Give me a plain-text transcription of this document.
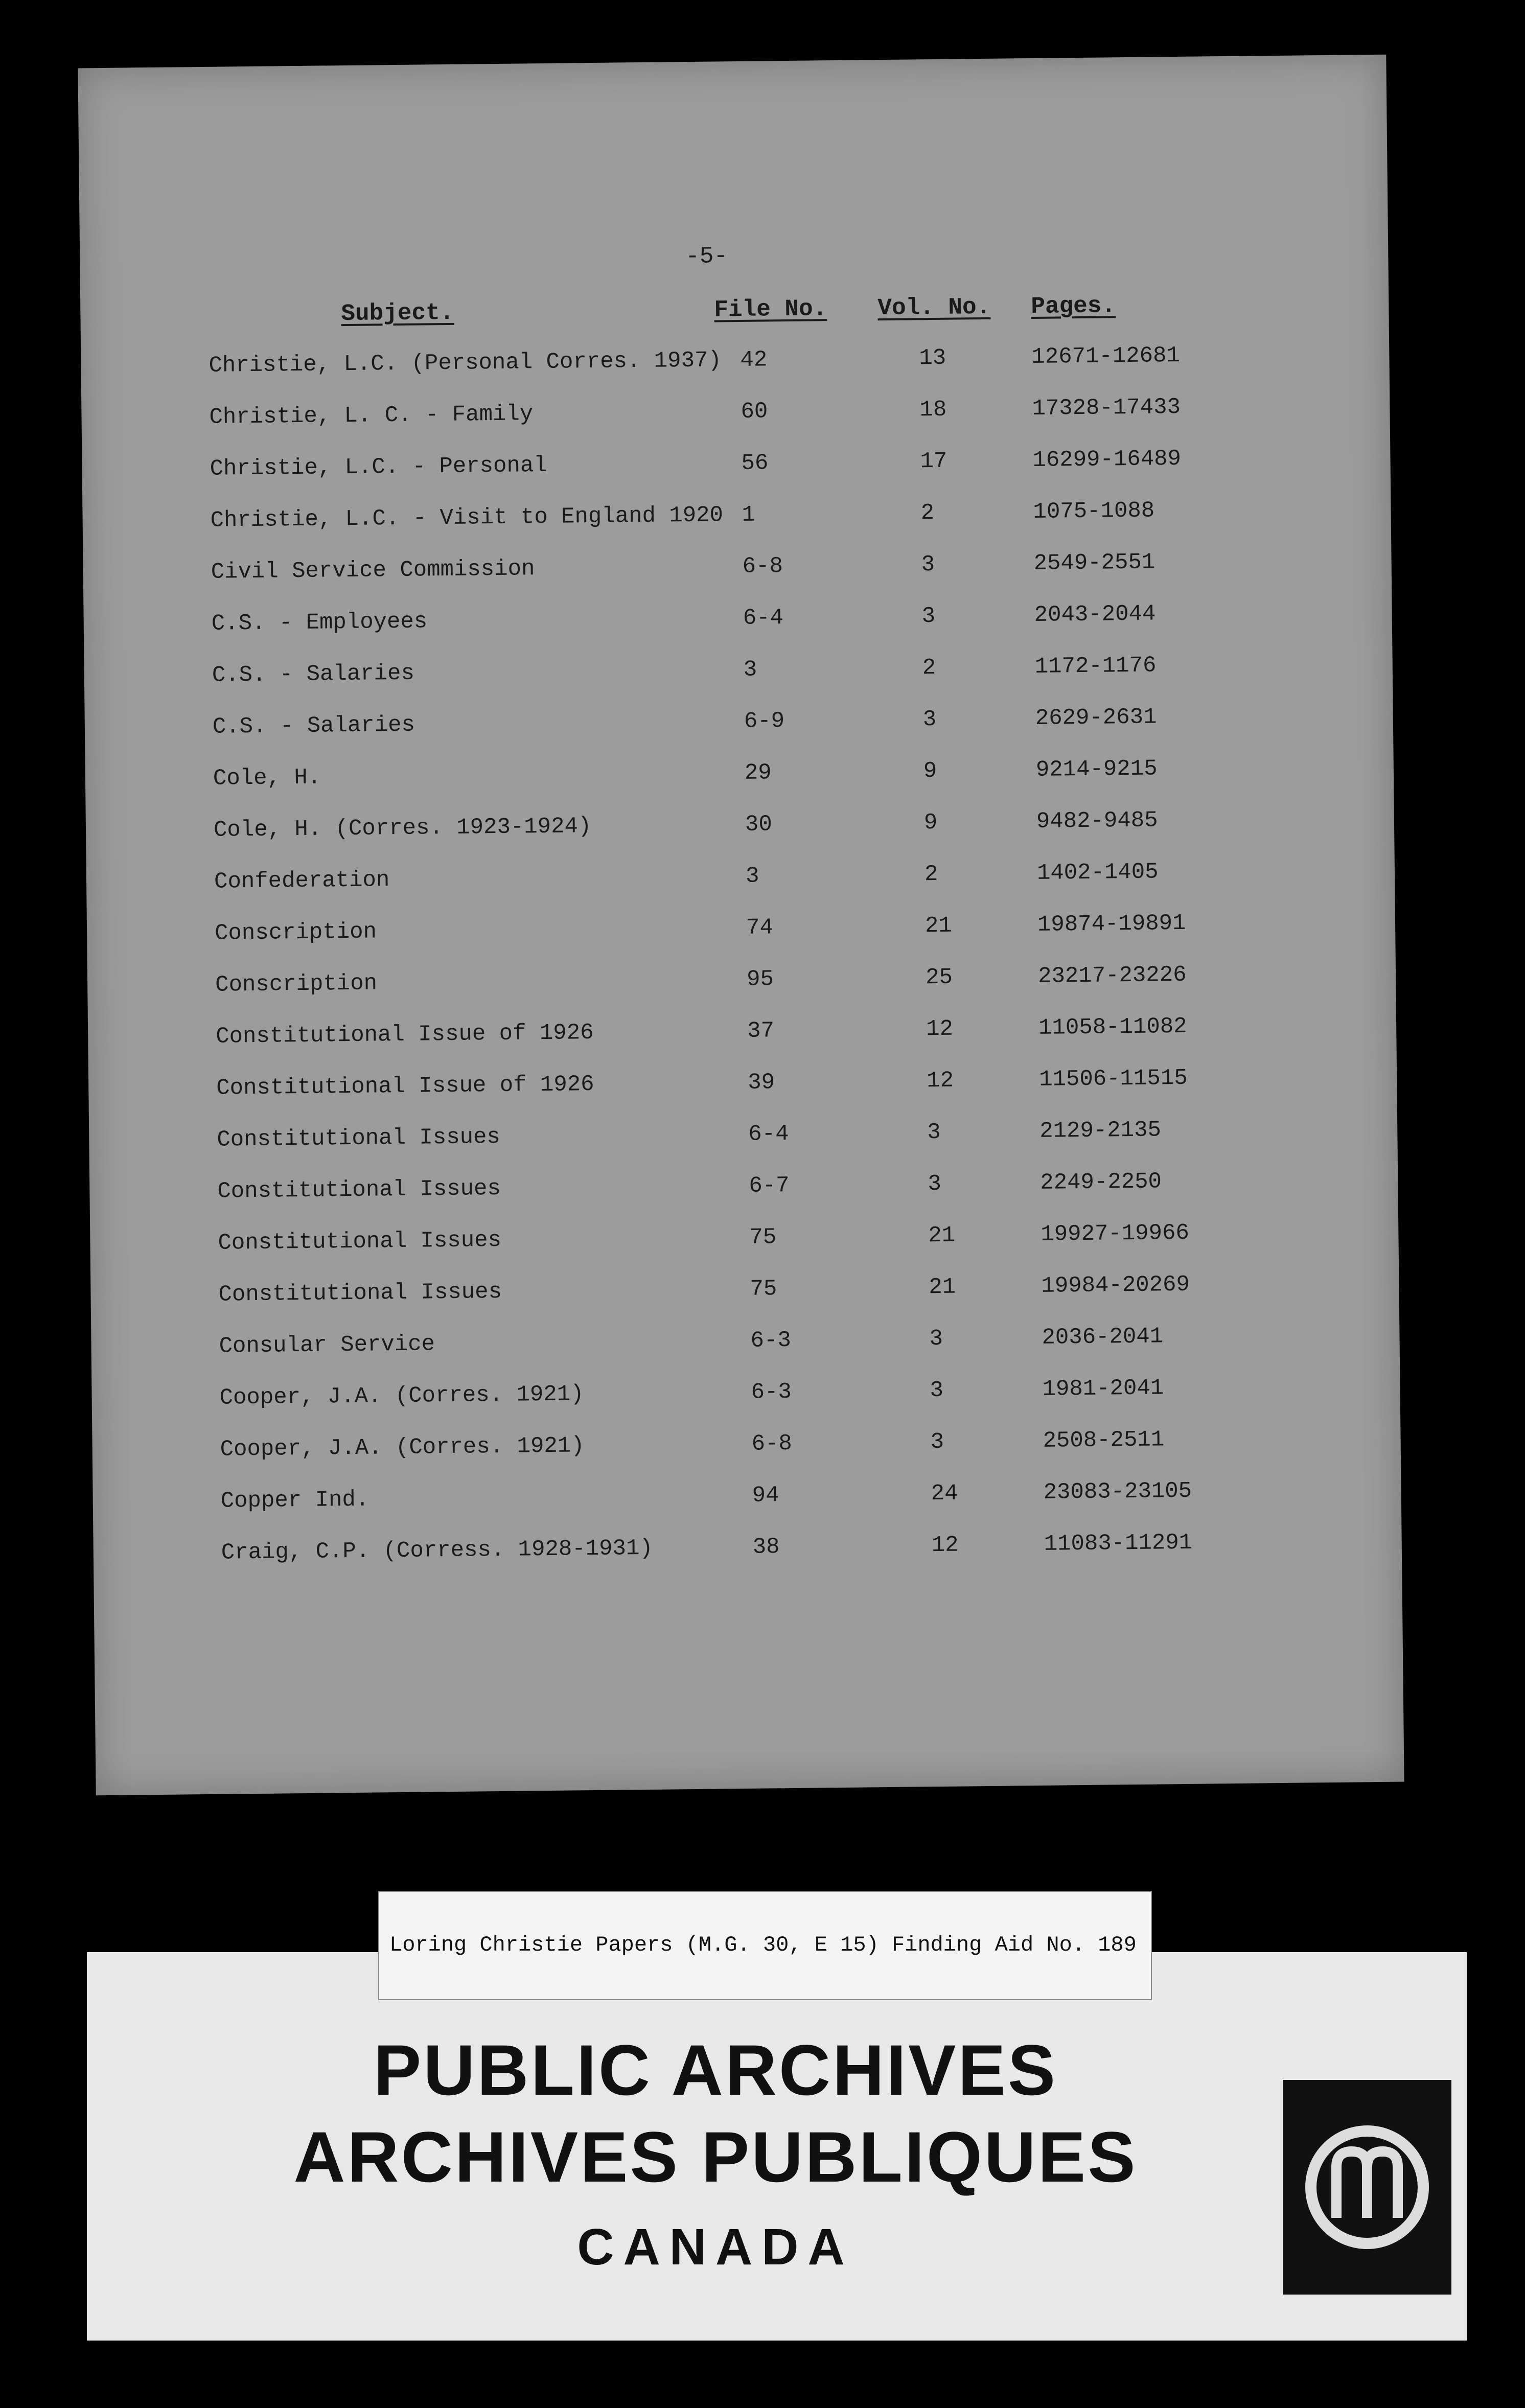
-5-
Subject.	File No. Vol. No. Pages.
Christie, L.C. (Personal Corres. 1937) 42	13	12671-12681
Christie, L. C. - Family	60	18	17328-17433
Christie, L.C. - Personal	56	17	16299-16489
Christie, L.C. - Visit to England 1920 1	2	1075-1088
Civil Service Commission	6-8	3	2549-2551
C.S. - Employees	6-4	3	2043-2044
C.S. - Salaries	3	2	1172-1176
C.S. - Salaries	6-9	3	2629-2631
Cole, H.	29	9	9214-9215
Cole, H. (Corres. 1923-1924)	30	9	9482-9485
Confederation	3	2	1402-1405
Conscription	74	21	19874-19891
Conscription	95	25	23217-23226
Constitutional Issue of 1926	37	12	11058-11082
Constitutional Issue of 1926	39	12	11506-11515
Constitutional Issues	6-4	3	2129-2135
Constitutional Issues	6-7	3	2249-2250
Constitutional Issues	75	21	19927-19966
Constitutional Issues	75	21	19984-20269
Consular Service	6-3	3	2036-2041
Cooper, J.A. (Corres. 1921)	6-3	3	1981-2041
Cooper, J.A. (Corres. 1921)	6-8	3	2508-2511
Copper Ind.	94	24	23083-23105
Craig, C.P. (Corress. 1928-1931)	38	12	11083-11291
PUBLIC ARCHIVES
ARCHIVES PUBLIQUES
CANADA
Loring Christie Papers (M.G. 30, E 15) Finding Aid No. 189
